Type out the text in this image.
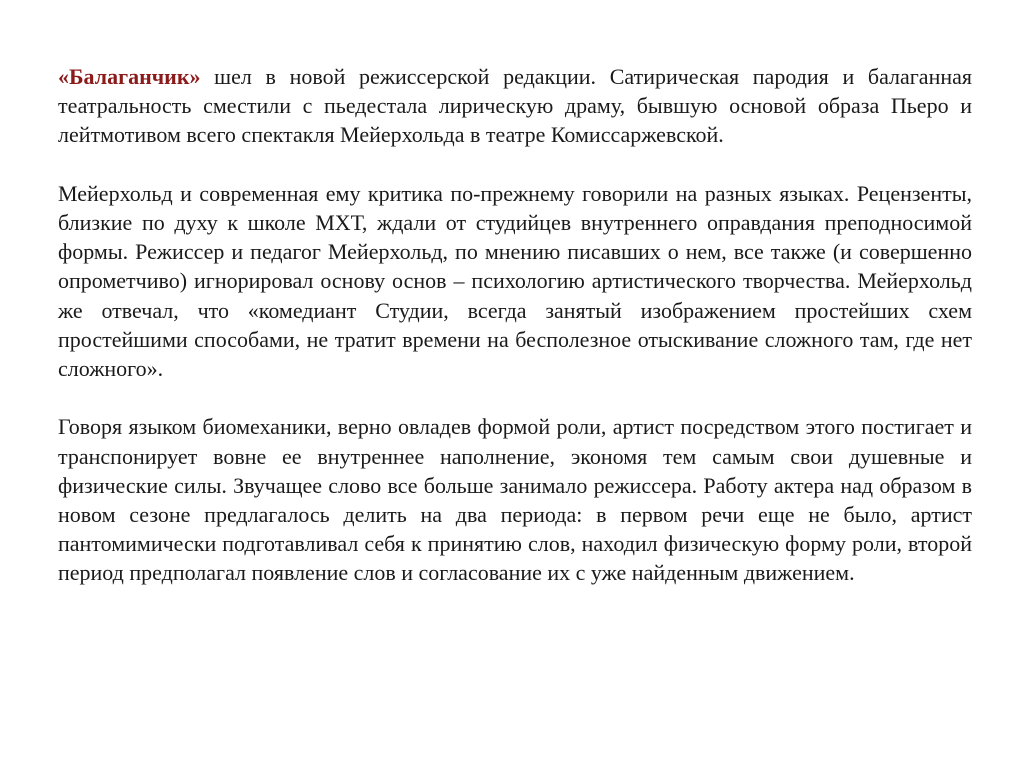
«Балаганчик» шел в новой режиссерской редакции. Сатирическая пародия и балаганная театральность сместили с пьедестала лирическую драму, бывшую основой образа Пьеро и лейтмотивом всего спектакля Мейерхольда в театре Комиссаржевской.

Мейерхольд и современная ему критика по-прежнему говорили на разных языках. Рецензенты, близкие по духу к школе МХТ, ждали от студийцев внутреннего оправдания преподносимой формы. Режиссер и педагог Мейерхольд, по мнению писавших о нем, все также (и совершенно опрометчиво) игнорировал основу основ – психологию артистического творчества. Мейерхольд же отвечал, что «комедиант Студии, всегда занятый изображением простейших схем простейшими способами, не тратит времени на бесполезное отыскивание сложного там, где нет сложного».

Говоря языком биомеханики, верно овладев формой роли, артист посредством этого постигает и транспонирует вовне ее внутреннее наполнение, экономя тем самым свои душевные и физические силы. Звучащее слово все больше занимало режиссера. Работу актера над образом в новом сезоне предлагалось делить на два периода: в первом речи еще не было, артист пантомимически подготавливал себя к принятию слов, находил физическую форму роли, второй период предполагал появление слов и согласование их с уже найденным движением.
